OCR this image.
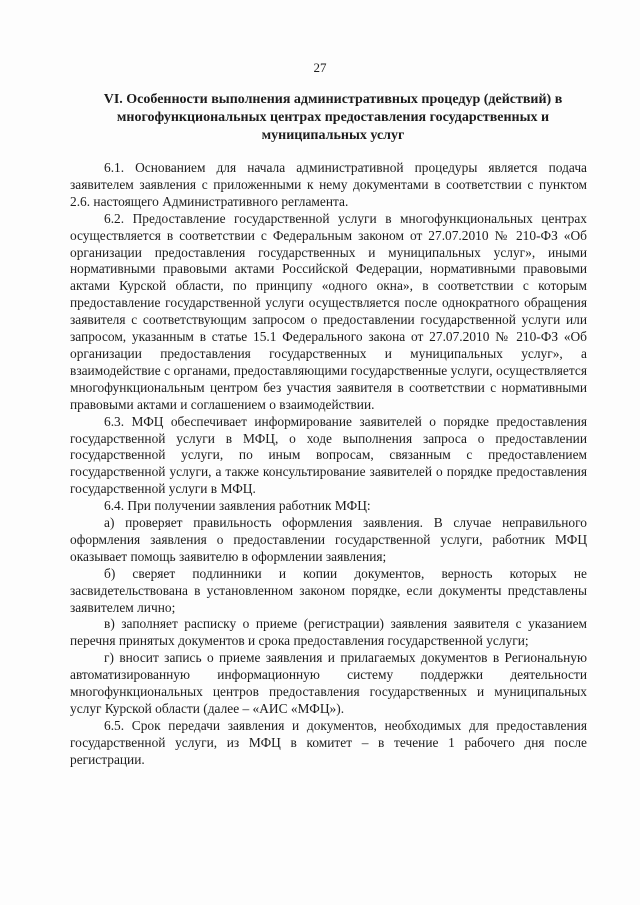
27
VI. Особенности выполнения административных процедур (действий) в многофункциональных центрах предоставления государственных и муниципальных услуг

6.1. Основанием для начала административной процедуры является подача заявителем заявления с приложенными к нему документами в соответствии с пунктом 2.6. настоящего Административного регламента.

6.2. Предоставление государственной услуги в многофункциональных центрах осуществляется в соответствии с Федеральным законом от 27.07.2010 № 210-ФЗ «Об организации предоставления государственных и муниципальных услуг», иными нормативными правовыми актами Российской Федерации, нормативными правовыми актами Курской области, по принципу «одного окна», в соответствии с которым предоставление государственной услуги осуществляется после однократного обращения заявителя с соответствующим запросом о предоставлении государственной услуги или запросом, указанным в статье 15.1 Федерального закона от 27.07.2010 № 210-ФЗ «Об организации предоставления государственных и муниципальных услуг», а взаимодействие с органами, предоставляющими государственные услуги, осуществляется многофункциональным центром без участия заявителя в соответствии с нормативными правовыми актами и соглашением о взаимодействии.

6.3. МФЦ обеспечивает информирование заявителей о порядке предоставления государственной услуги в МФЦ, о ходе выполнения запроса о предоставлении государственной услуги, по иным вопросам, связанным с предоставлением государственной услуги, а также консультирование заявителей о порядке предоставления государственной услуги в МФЦ.

6.4. При получении заявления работник МФЦ:

а) проверяет правильность оформления заявления. В случае неправильного оформления заявления о предоставлении государственной услуги, работник МФЦ оказывает помощь заявителю в оформлении заявления;

б) сверяет подлинники и копии документов, верность которых не засвидетельствована в установленном законом порядке, если документы представлены заявителем лично;

в) заполняет расписку о приеме (регистрации) заявления заявителя с указанием перечня принятых документов и срока предоставления государственной услуги;

г) вносит запись о приеме заявления и прилагаемых документов в Региональную автоматизированную информационную систему поддержки деятельности многофункциональных центров предоставления государственных и муниципальных услуг Курской области (далее – «АИС «МФЦ»).

6.5. Срок передачи заявления и документов, необходимых для предоставления государственной услуги, из МФЦ в комитет – в течение 1 рабочего дня после регистрации.
